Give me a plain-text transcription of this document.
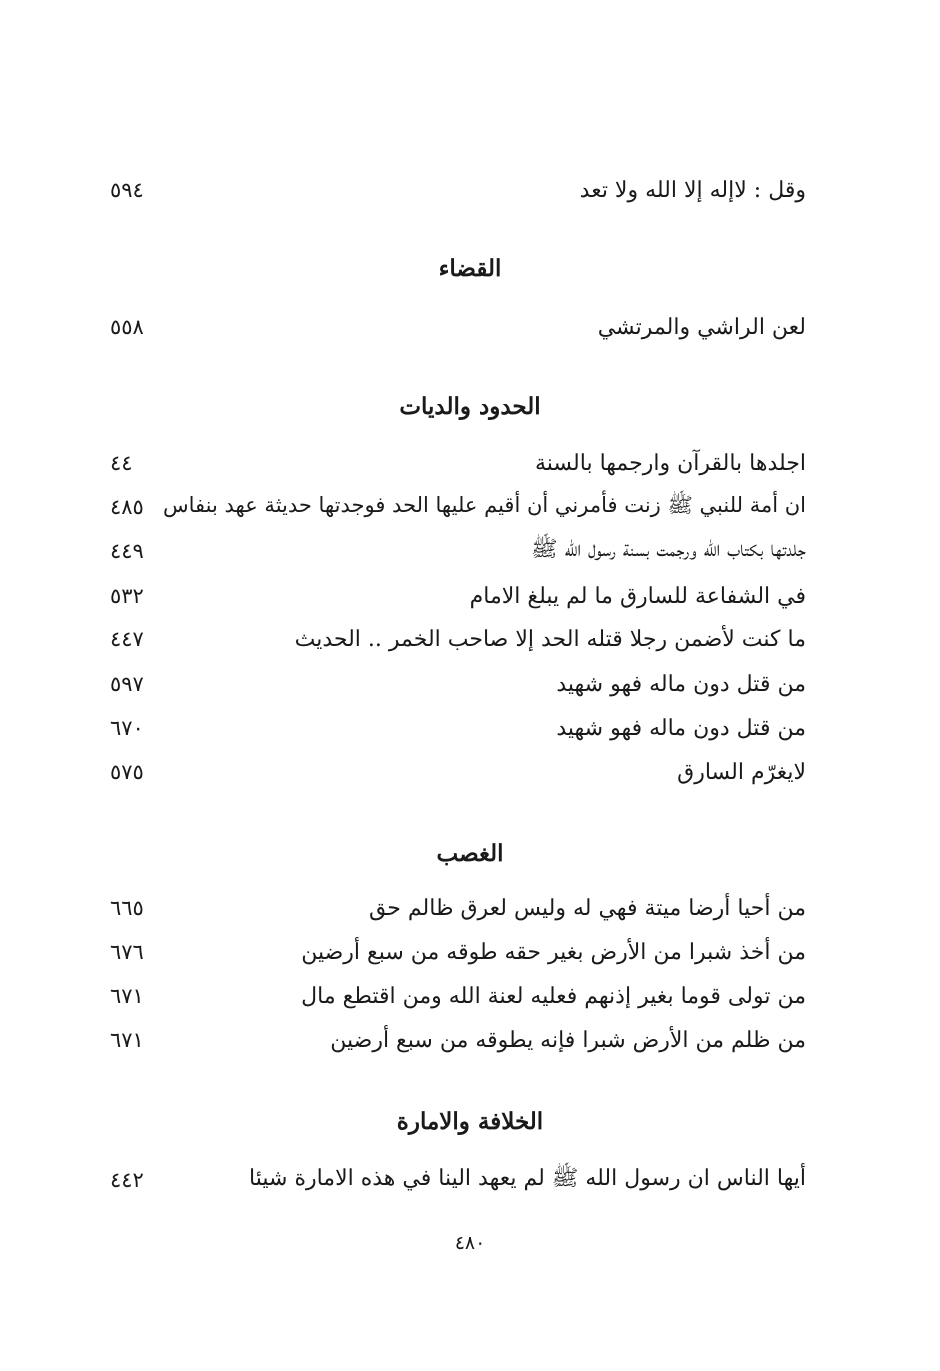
وقل : لاإله إلا الله ولا تعد
٥٩٤
القضاء
لعن الراشي والمرتشي
٥٥٨
الحدود والديات
اجلدها بالقرآن وارجمها بالسنة
٤٤
ان أمة للنبي ﷺ زنت فأمرني أن أقيم عليها الحد فوجدتها حديثة عهد بنفاس
٤٨٥
جلدتها بكتاب الله ورجمت بسنة رسول الله ﷺ
٤٤٩
في الشفاعة للسارق ما لم يبلغ الامام
٥٣٢
ما كنت لأضمن رجلا قتله الحد إلا صاحب الخمر .. الحديث
٤٤٧
من قتل دون ماله فهو شهيد
٥٩٧
من قتل دون ماله فهو شهيد
٦٧٠
لايغرّم السارق
٥٧٥
الغصب
من أحيا أرضا ميتة فهي له وليس لعرق ظالم حق
٦٦٥
من أخذ شبرا من الأرض بغير حقه طوقه من سبع أرضين
٦٧٦
من تولى قوما بغير إذنهم فعليه لعنة الله ومن اقتطع مال
٦٧١
من ظلم من الأرض شبرا فإنه يطوقه من سبع أرضين
٦٧١
الخلافة والامارة
أيها الناس ان رسول الله ﷺ لم يعهد الينا في هذه الامارة شيئا
٤٤٢
٤٨٠
